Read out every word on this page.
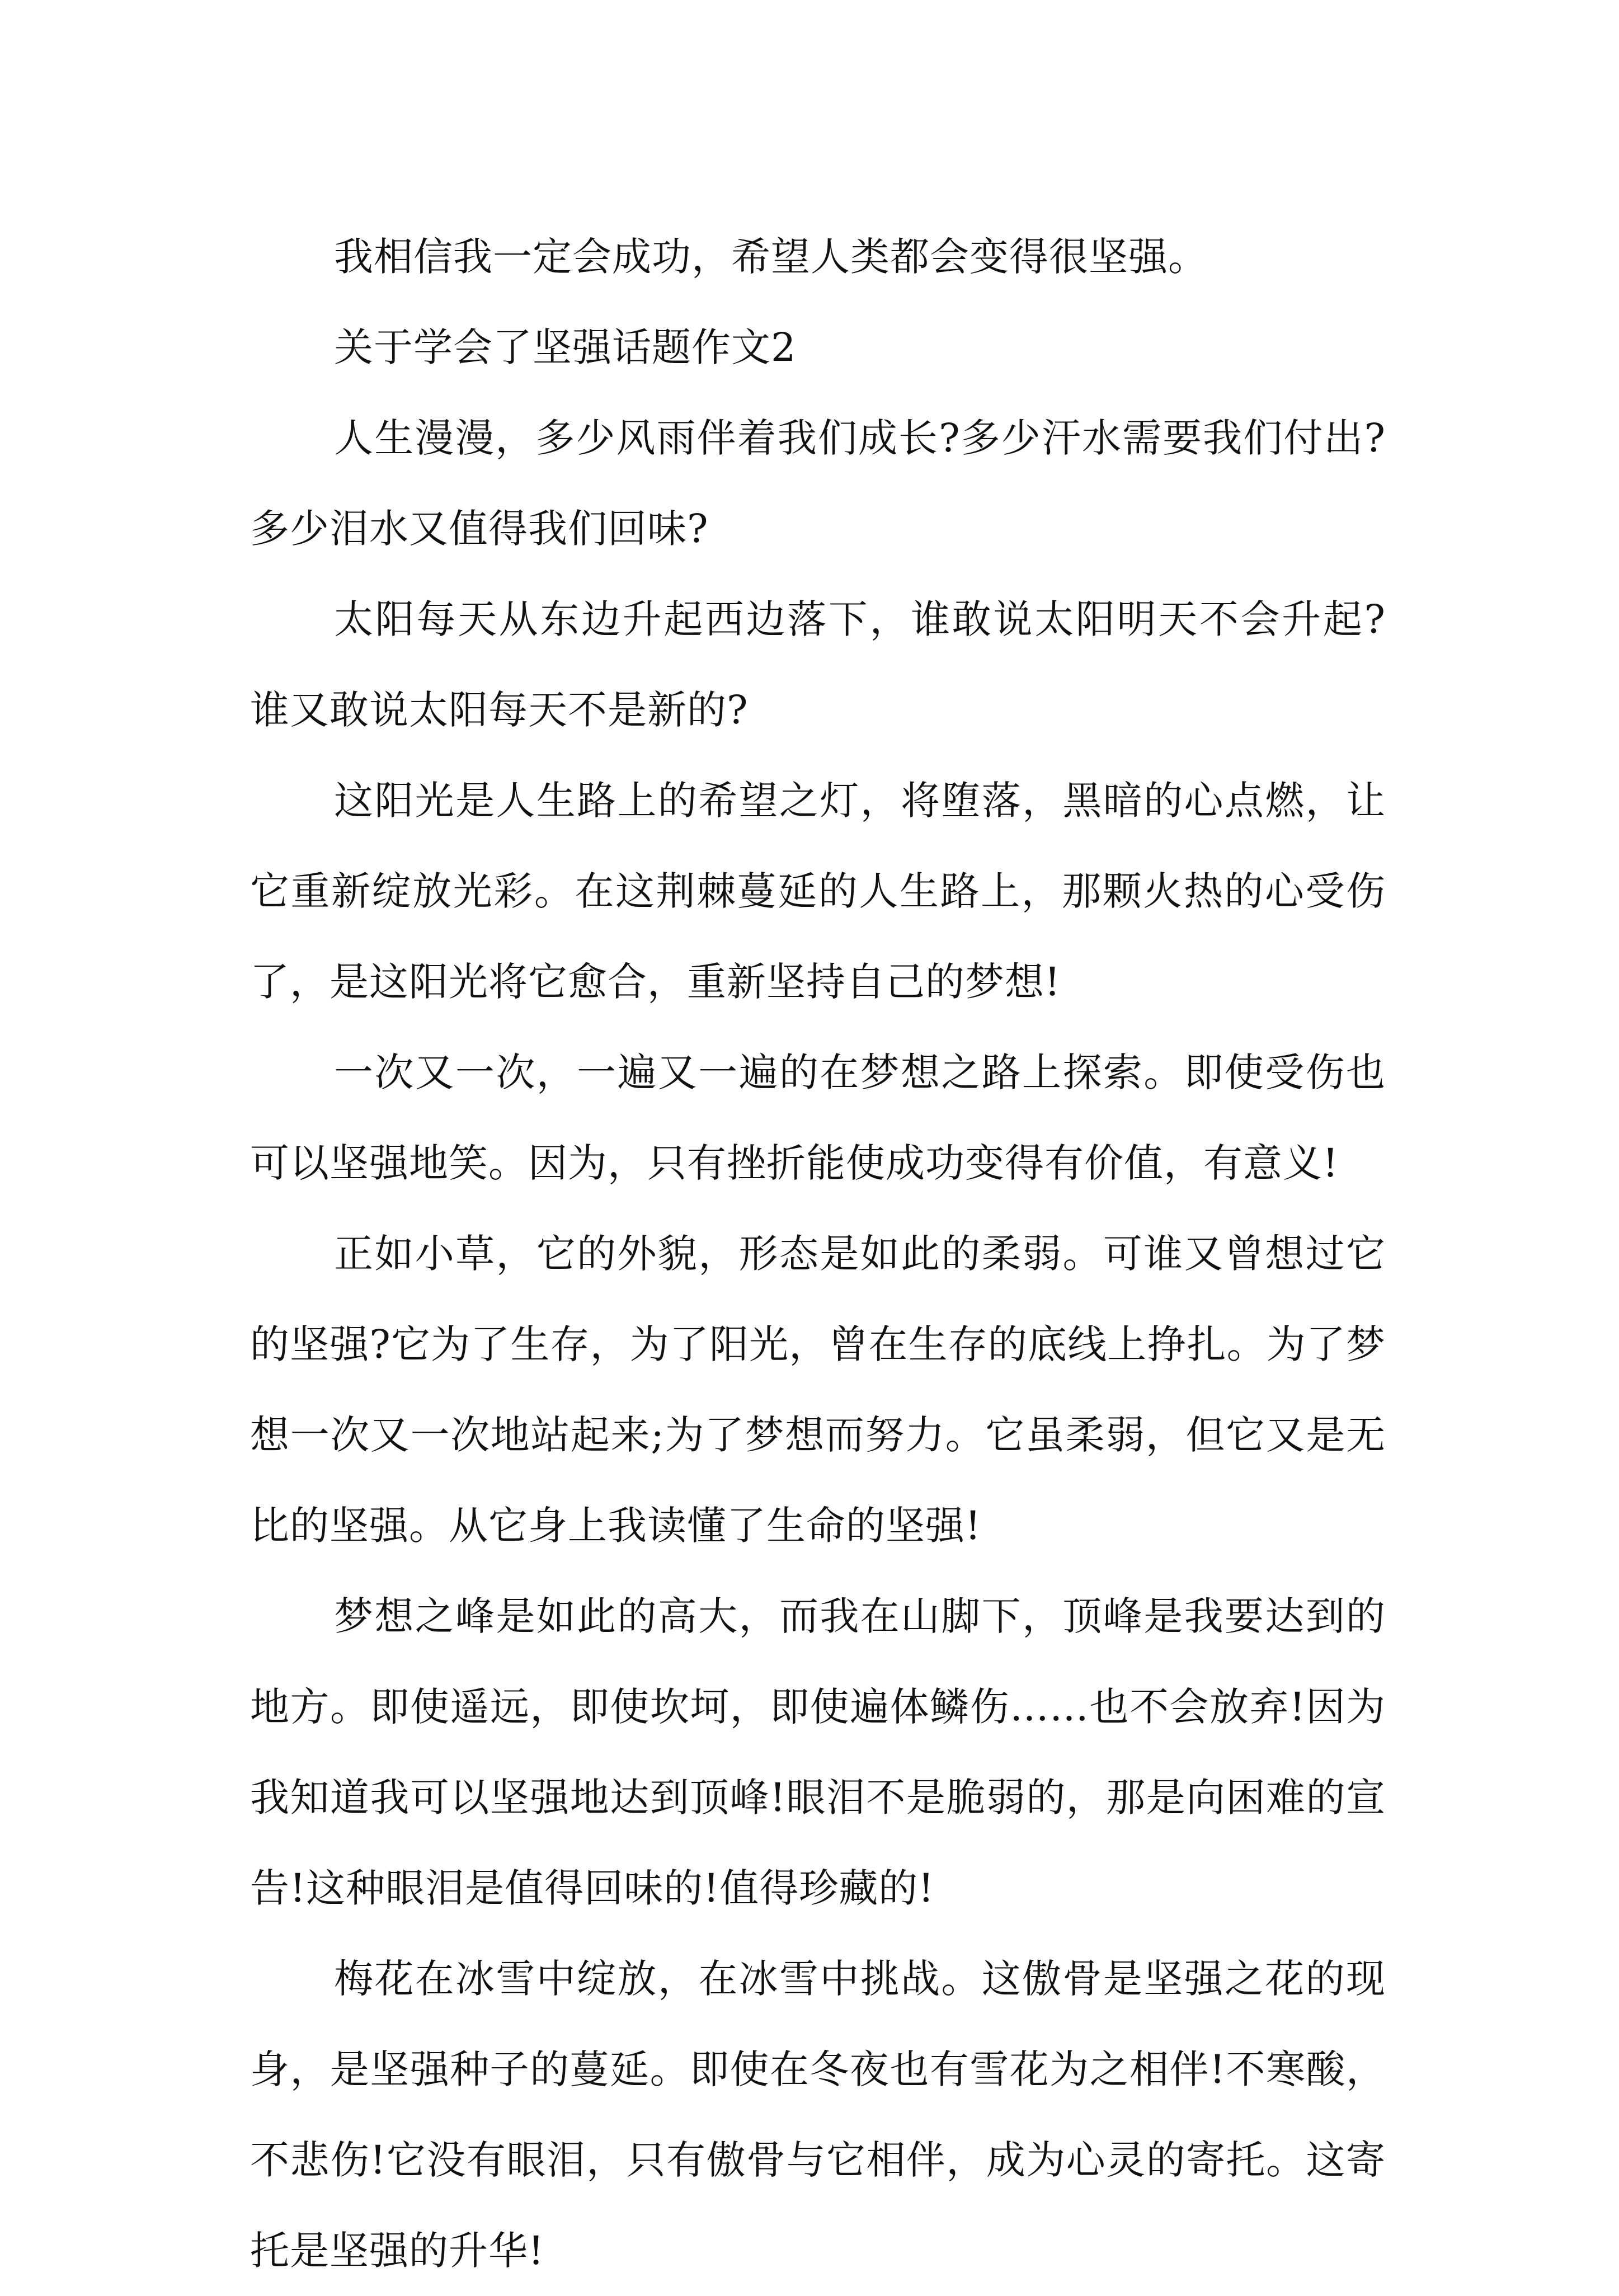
我相信我一定会成功，希望人类都会变得很坚强。

关于学会了坚强话题作文2

人生漫漫，多少风雨伴着我们成长?多少汗水需要我们付出?多少泪水又值得我们回味?

太阳每天从东边升起西边落下，谁敢说太阳明天不会升起?谁又敢说太阳每天不是新的?

这阳光是人生路上的希望之灯，将堕落，黑暗的心点燃，让它重新绽放光彩。在这荆棘蔓延的人生路上，那颗火热的心受伤了，是这阳光将它愈合，重新坚持自己的梦想!

一次又一次，一遍又一遍的在梦想之路上探索。即使受伤也可以坚强地笑。因为，只有挫折能使成功变得有价值，有意义!

正如小草，它的外貌，形态是如此的柔弱。可谁又曾想过它的坚强?它为了生存，为了阳光，曾在生存的底线上挣扎。为了梦想一次又一次地站起来;为了梦想而努力。它虽柔弱，但它又是无比的坚强。从它身上我读懂了生命的坚强!

梦想之峰是如此的高大，而我在山脚下，顶峰是我要达到的地方。即使遥远，即使坎坷，即使遍体鳞伤……也不会放弃!因为我知道我可以坚强地达到顶峰!眼泪不是脆弱的，那是向困难的宣告!这种眼泪是值得回味的!值得珍藏的!

梅花在冰雪中绽放，在冰雪中挑战。这傲骨是坚强之花的现身，是坚强种子的蔓延。即使在冬夜也有雪花为之相伴!不寒酸，不悲伤!它没有眼泪，只有傲骨与它相伴，成为心灵的寄托。这寄托是坚强的升华!
